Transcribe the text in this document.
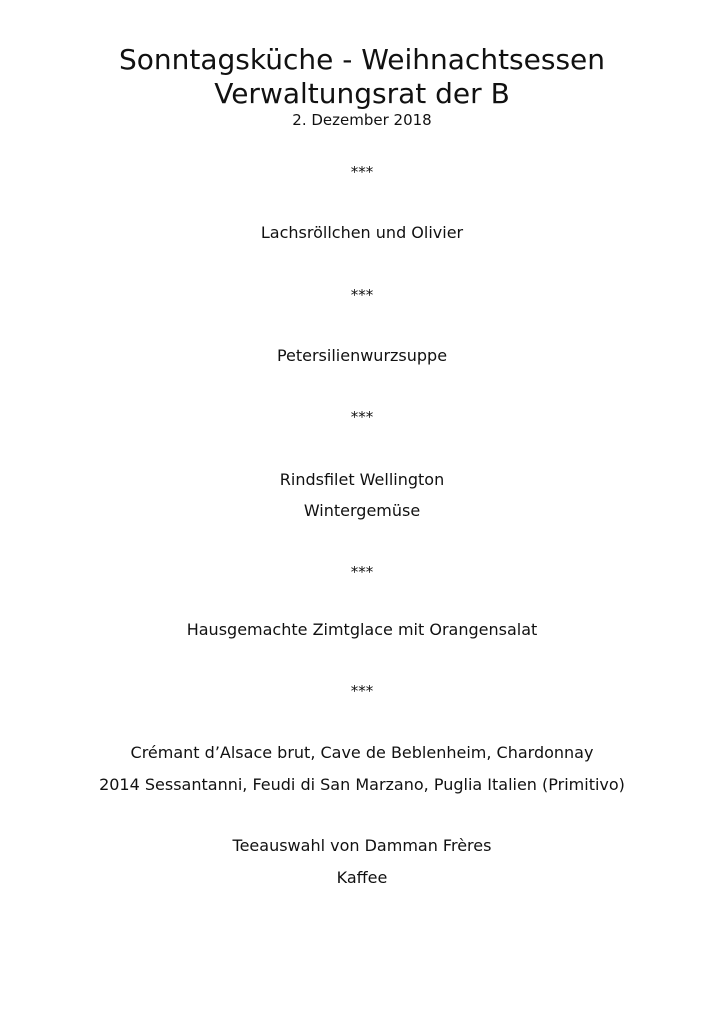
Sonntagsküche - Weihnachtsessen
Verwaltungsrat der B
2. Dezember 2018
***
Lachsröllchen und Olivier
***
Petersilienwurzsuppe
***
Rindsfilet Wellington
Wintergemüse
***
Hausgemachte Zimtglace mit Orangensalat
***
Crémant d’Alsace brut, Cave de Beblenheim, Chardonnay
2014 Sessantanni, Feudi di San Marzano, Puglia Italien (Primitivo)
Teeauswahl von Damman Frères
Kaffee
